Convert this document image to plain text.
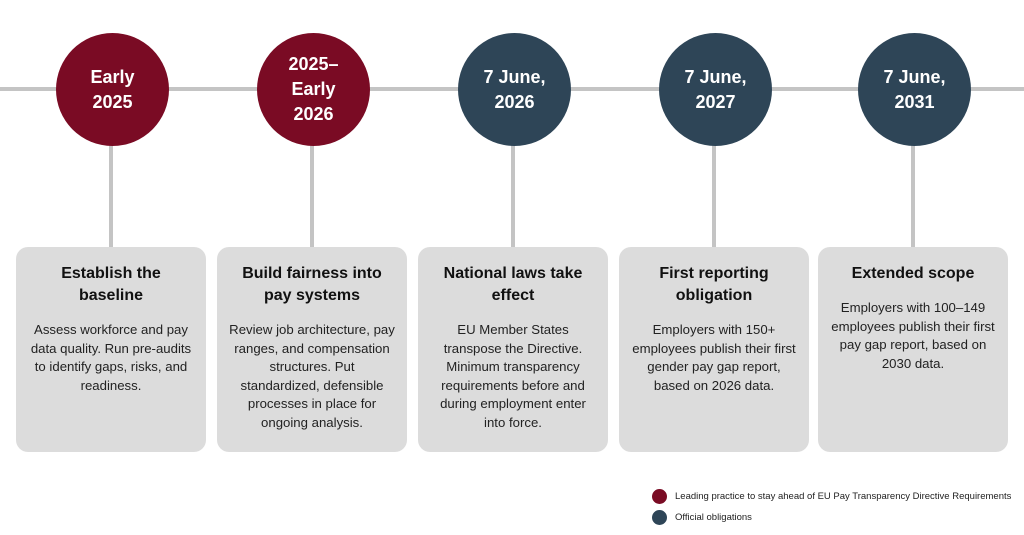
Early
2025
Establish the
baseline

Assess workforce and pay data quality. Run pre-audits to identify gaps, risks, and readiness.

2025–
Early
2026
Build fairness into
pay systems

Review job architecture, pay ranges, and compensation structures. Put standardized, defensible processes in place for ongoing analysis.

7 June,
2026
National laws take
effect

EU Member States transpose the Directive. Minimum transparency requirements before and during employment enter into force.

7 June,
2027
First reporting
obligation

Employers with 150+ employees publish their first gender pay gap report, based on 2026 data.

7 June,
2031
Extended scope

Employers with 100–149 employees publish their first pay gap report, based on 2030 data.

Leading practice to stay ahead of EU Pay Transparency Directive Requirements
Official obligations
